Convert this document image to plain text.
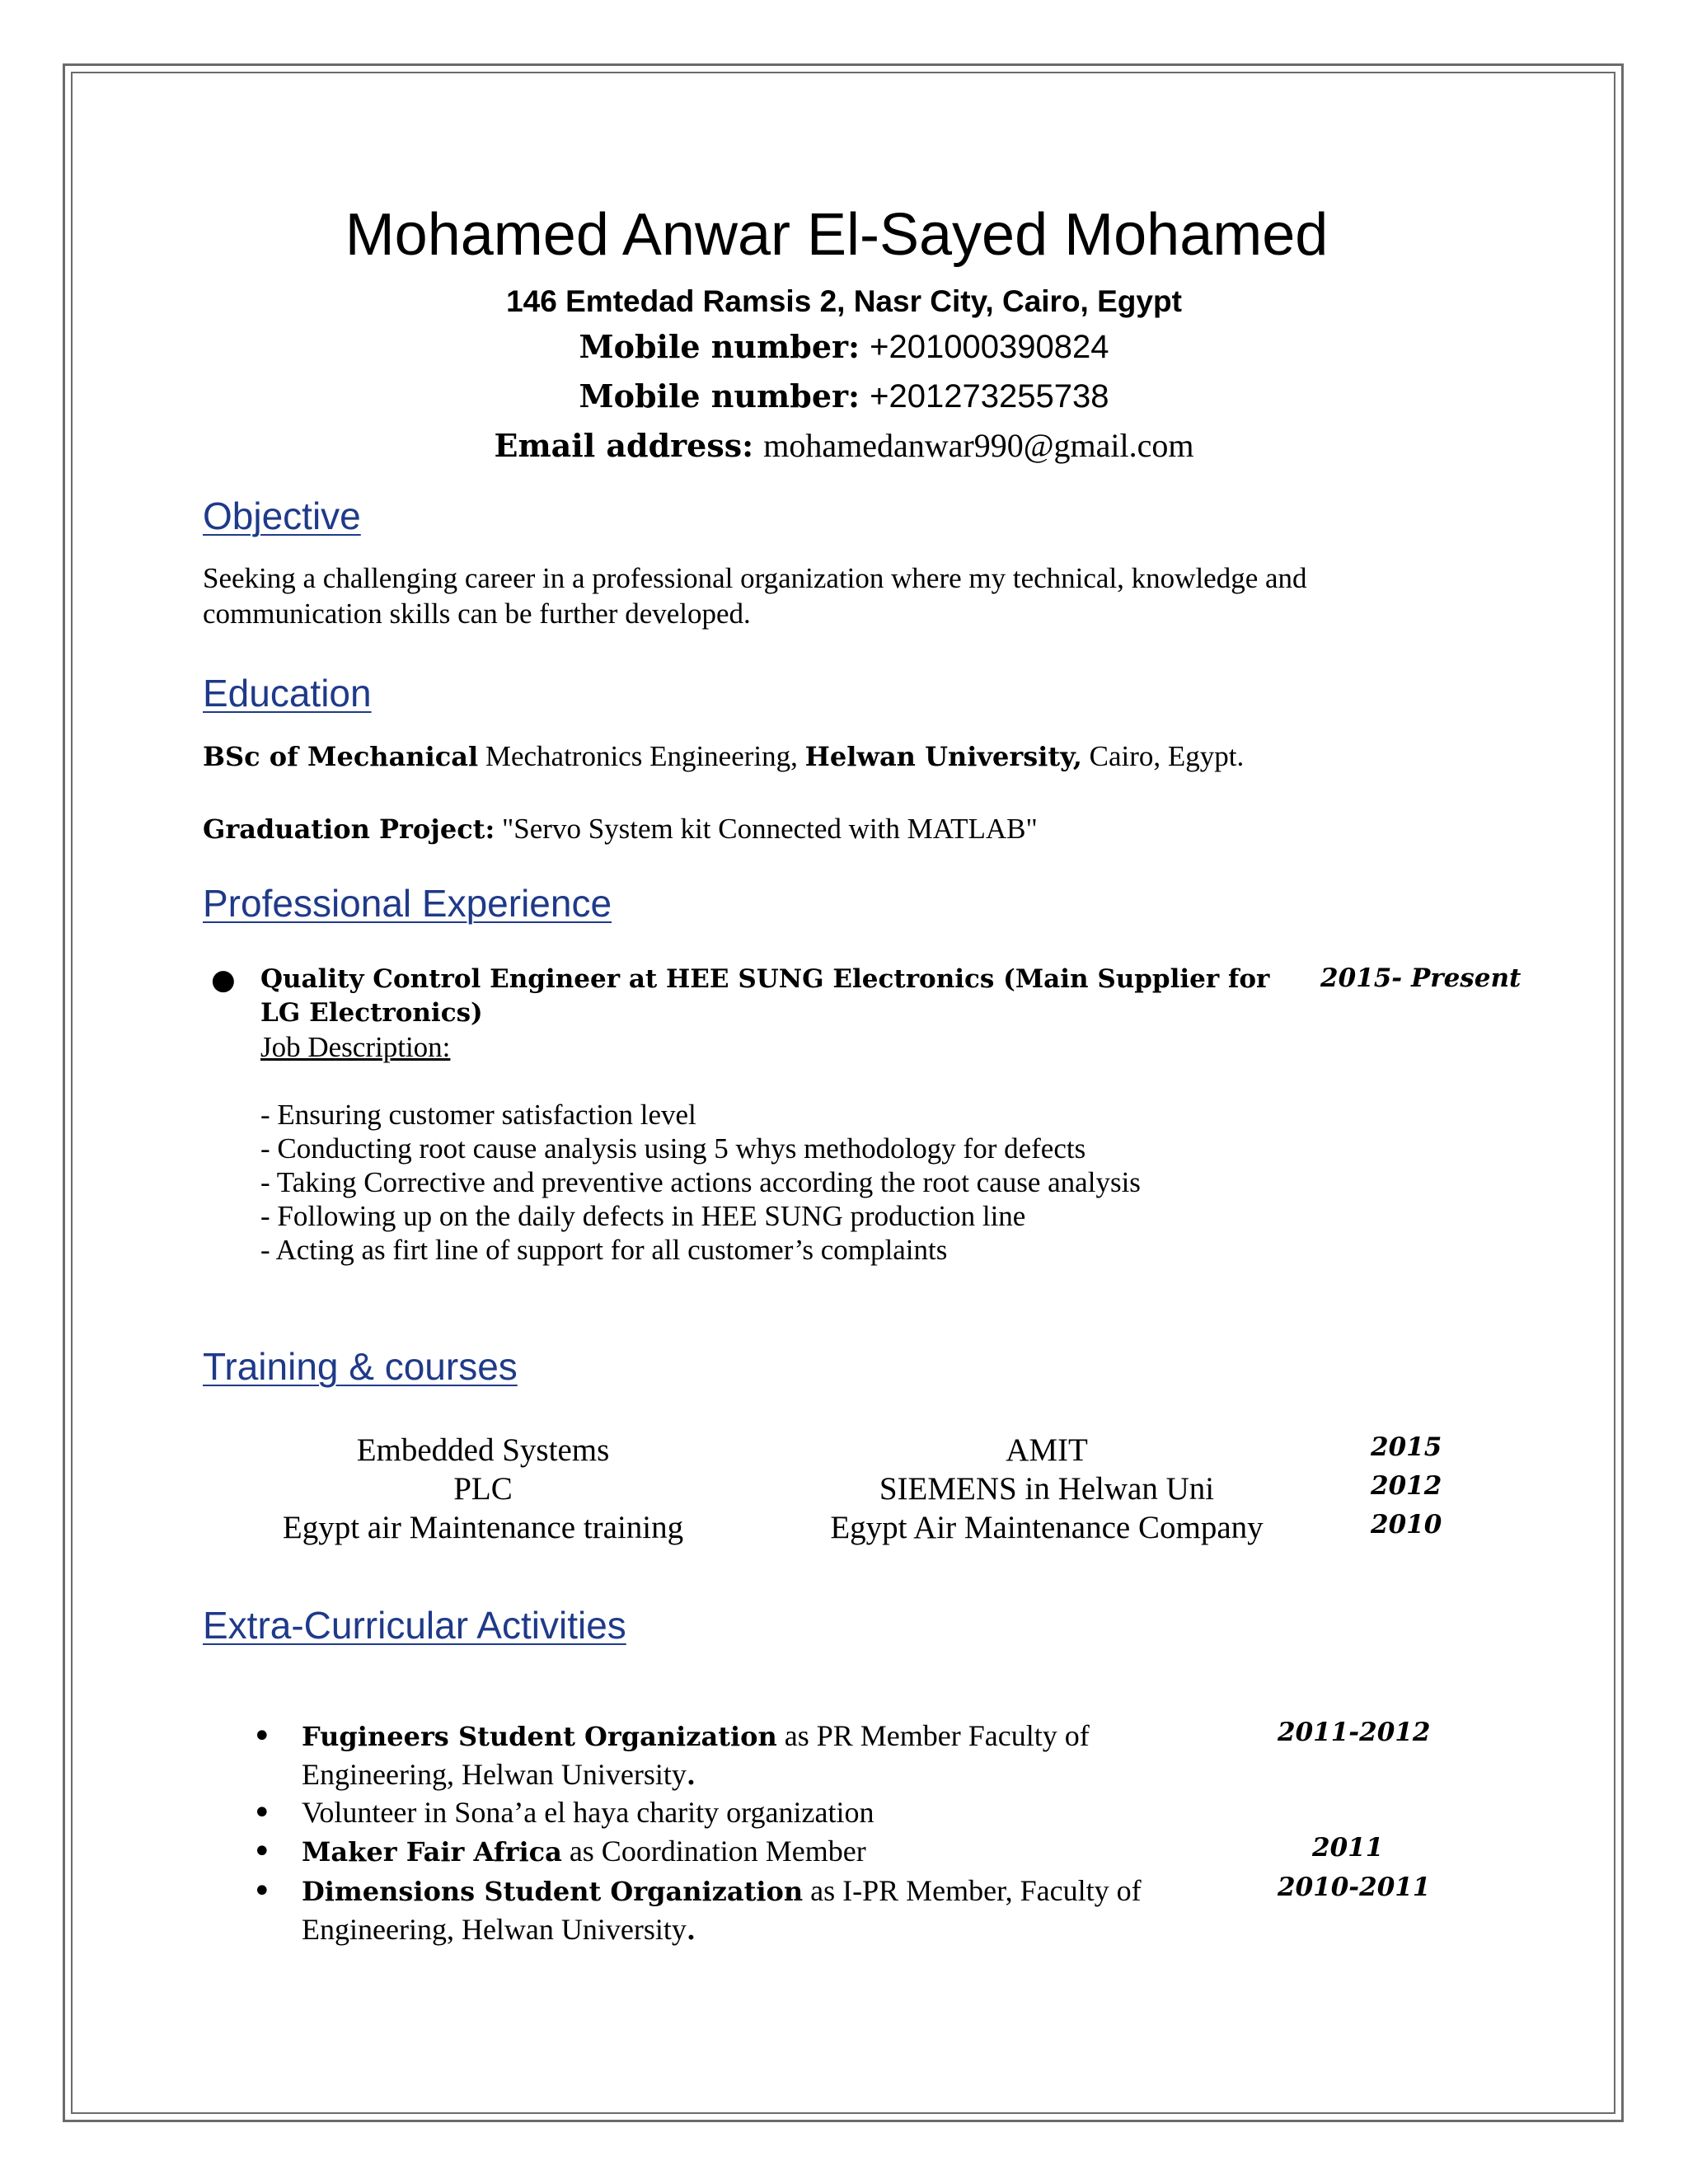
Mohamed Anwar El-Sayed Mohamed
146 Emtedad Ramsis 2, Nasr City, Cairo, Egypt
Mobile number: +201000390824
Mobile number: +201273255738
Email address: mohamedanwar990@gmail.com
Objective
Seeking a challenging career in a professional organization where my technical, knowledge and communication skills can be further developed.
Education
BSc of Mechanical Mechatronics Engineering, Helwan University, Cairo, Egypt.
Graduation Project: "Servo System kit Connected with MATLAB"
Professional Experience
● Quality Control Engineer at HEE SUNG Electronics (Main Supplier for LG Electronics)
Job Description:
- Ensuring customer satisfaction level
- Conducting root cause analysis using 5 whys methodology for defects
- Taking Corrective and preventive actions according the root cause analysis
- Following up on the daily defects in HEE SUNG production line
- Acting as firt line of support for all customer’s complaints
2015- Present
Training & courses
Embedded Systems	AMIT	2015
PLC	SIEMENS in Helwan Uni	2012
Egypt air Maintenance training	Egypt Air Maintenance Company	2010
Extra-Curricular Activities
• Fugineers Student Organization as PR Member Faculty of
Engineering, Helwan University.
2011-2012
• Volunteer in Sona’a el haya charity organization
• Maker Fair Africa as Coordination Member	2011
• Dimensions Student Organization as I-PR Member, Faculty of
Engineering, Helwan University.
2010-2011
